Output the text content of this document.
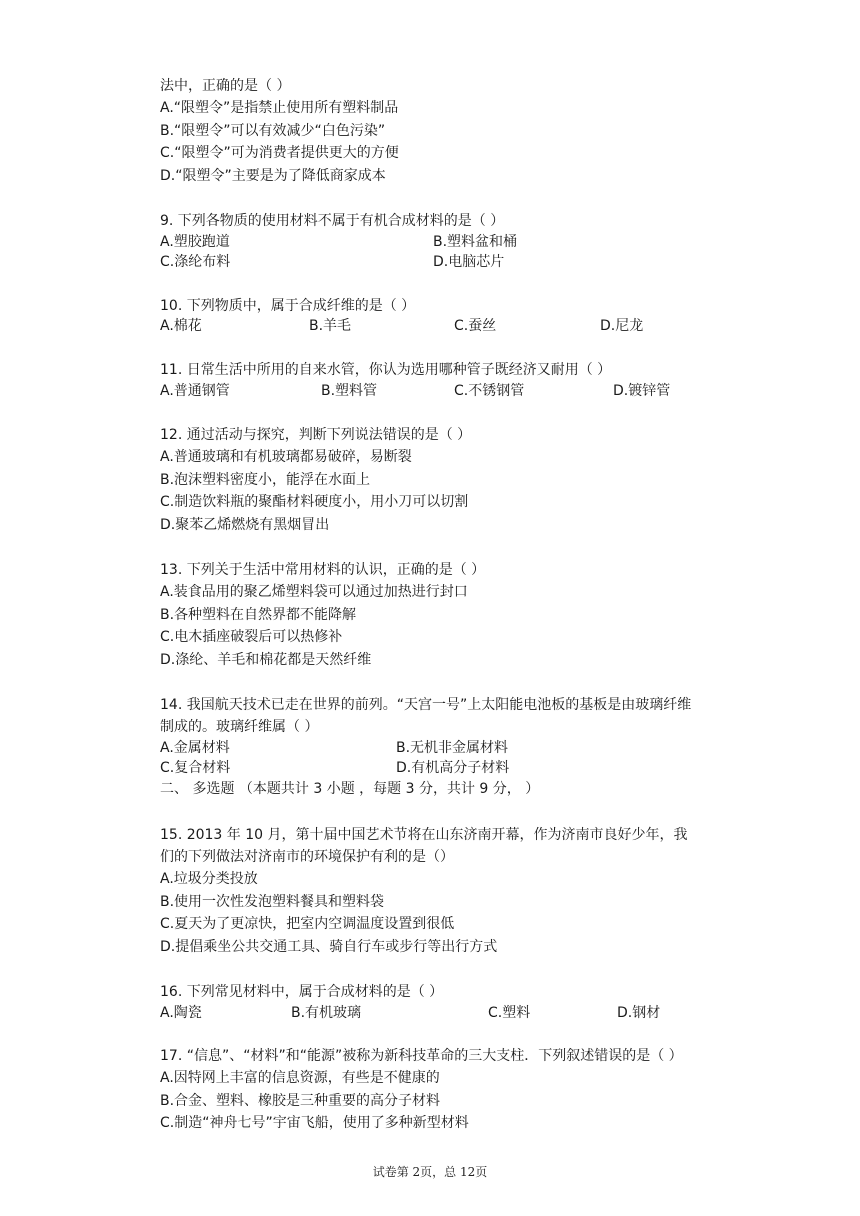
法中，正确的是（ ）
A.“限塑令”是指禁止使用所有塑料制品
B.“限塑令”可以有效减少“白色污染”
C.“限塑令”可为消费者提供更大的方便
D.“限塑令”主要是为了降低商家成本
9. 下列各物质的使用材料不属于有机合成材料的是（ ）
A.塑胶跑道	B.塑料盆和桶
C.涤纶布料	D.电脑芯片
10. 下列物质中，属于合成纤维的是（ ）
A.棉花	B.羊毛	C.蚕丝	D.尼龙
11. 日常生活中所用的自来水管，你认为选用哪种管子既经济又耐用（ ）
A.普通钢管	B.塑料管	C.不锈钢管	D.镀锌管
12. 通过活动与探究，判断下列说法错误的是（ ）
A.普通玻璃和有机玻璃都易破碎，易断裂
B.泡沫塑料密度小，能浮在水面上
C.制造饮料瓶的聚酯材料硬度小，用小刀可以切割
D.聚苯乙烯燃烧有黑烟冒出
13. 下列关于生活中常用材料的认识，正确的是（ ）
A.装食品用的聚乙烯塑料袋可以通过加热进行封口
B.各种塑料在自然界都不能降解
C.电木插座破裂后可以热修补
D.涤纶、羊毛和棉花都是天然纤维
14. 我国航天技术已走在世界的前列。“天宫一号”上太阳能电池板的基板是由玻璃纤维
制成的。玻璃纤维属（ ）
A.金属材料	B.无机非金属材料
C.复合材料	D.有机高分子材料
二、 多选题 （本题共计 3 小题 ，每题 3 分，共计 9 分， ）
15. 2013 年 10 月，第十届中国艺术节将在山东济南开幕，作为济南市良好少年，我
们的下列做法对济南市的环境保护有利的是（）
A.垃圾分类投放
B.使用一次性发泡塑料餐具和塑料袋
C.夏天为了更凉快，把室内空调温度设置到很低
D.提倡乘坐公共交通工具、骑自行车或步行等出行方式
16. 下列常见材料中，属于合成材料的是（ ）
A.陶瓷	B.有机玻璃	C.塑料	D.钢材
17. “信息”、“材料”和“能源”被称为新科技革命的三大支柱．下列叙述错误的是（ ）
A.因特网上丰富的信息资源，有些是不健康的
B.合金、塑料、橡胶是三种重要的高分子材料
C.制造“神舟七号”宇宙飞船，使用了多种新型材料
试卷第 2页，总 12页
